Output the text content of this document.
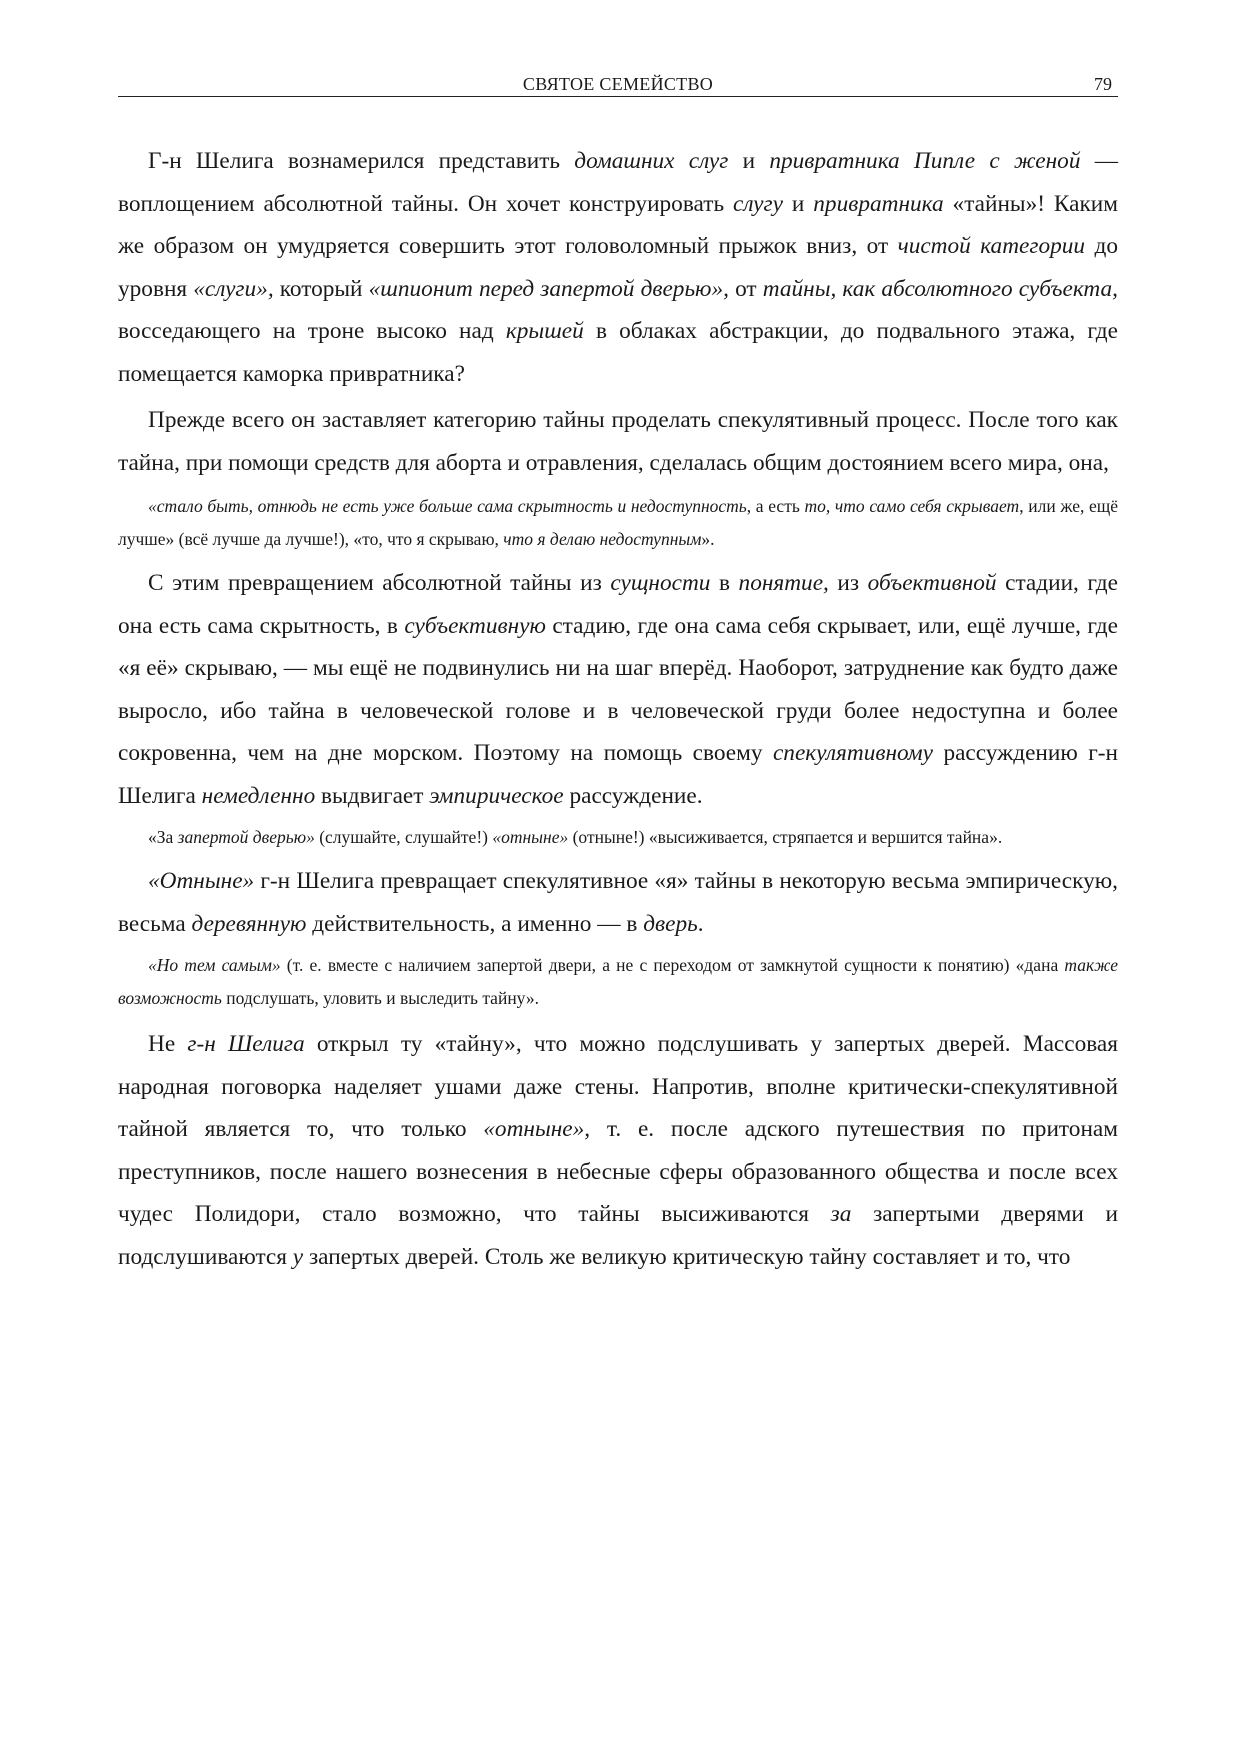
СВЯТОЕ СЕМЕЙСТВО	79

Г-н Шелига вознамерился представить домашних слуг и привратника Пипле с женой — воплощением абсолютной тайны. Он хочет конструировать слугу и привратника «тайны»! Каким же образом он умудряется совершить этот головоломный прыжок вниз, от чистой категории до уровня «слуги», который «шпионит перед запертой дверью», от тайны, как абсолютного субъекта, восседающего на троне высоко над крышей в облаках абстракции, до подвального этажа, где помещается каморка привратника?

Прежде всего он заставляет категорию тайны проделать спекулятивный процесс. После того как тайна, при помощи средств для аборта и отравления, сделалась общим достоянием всего мира, она,

«стало быть, отнюдь не есть уже больше сама скрытность и недоступность, а есть то, что само себя скрывает, или же, ещё лучше» (всё лучше да лучше!), «то, что я скрываю, что я делаю недоступным».

С этим превращением абсолютной тайны из сущности в понятие, из объективной стадии, где она есть сама скрытность, в субъективную стадию, где она сама себя скрывает, или, ещё лучше, где «я её» скрываю, — мы ещё не подвинулись ни на шаг вперёд. Наоборот, затруднение как будто даже выросло, ибо тайна в человеческой голове и в человеческой груди более недоступна и более сокровенна, чем на дне морском. Поэтому на помощь своему спекулятивному рассуждению г-н Шелига немедленно выдвигает эмпирическое рассуждение.

«За запертой дверью» (слушайте, слушайте!) «отныне» (отныне!) «высиживается, стряпается и вершится тайна».

«Отныне» г-н Шелига превращает спекулятивное «я» тайны в некоторую весьма эмпирическую, весьма деревянную действительность, а именно — в дверь.

«Но тем самым» (т. е. вместе с наличием запертой двери, а не с переходом от замкнутой сущности к понятию) «дана также возможность подслушать, уловить и выследить тайну».

Не г-н Шелига открыл ту «тайну», что можно подслушивать у запертых дверей. Массовая народная поговорка наделяет ушами даже стены. Напротив, вполне критически-спекулятивной тайной является то, что только «отныне», т. е. после адского путешествия по притонам преступников, после нашего вознесения в небесные сферы образованного общества и после всех чудес Полидори, стало возможно, что тайны высиживаются за запертыми дверями и подслушиваются у запертых дверей. Столь же великую критическую тайну составляет и то, что
